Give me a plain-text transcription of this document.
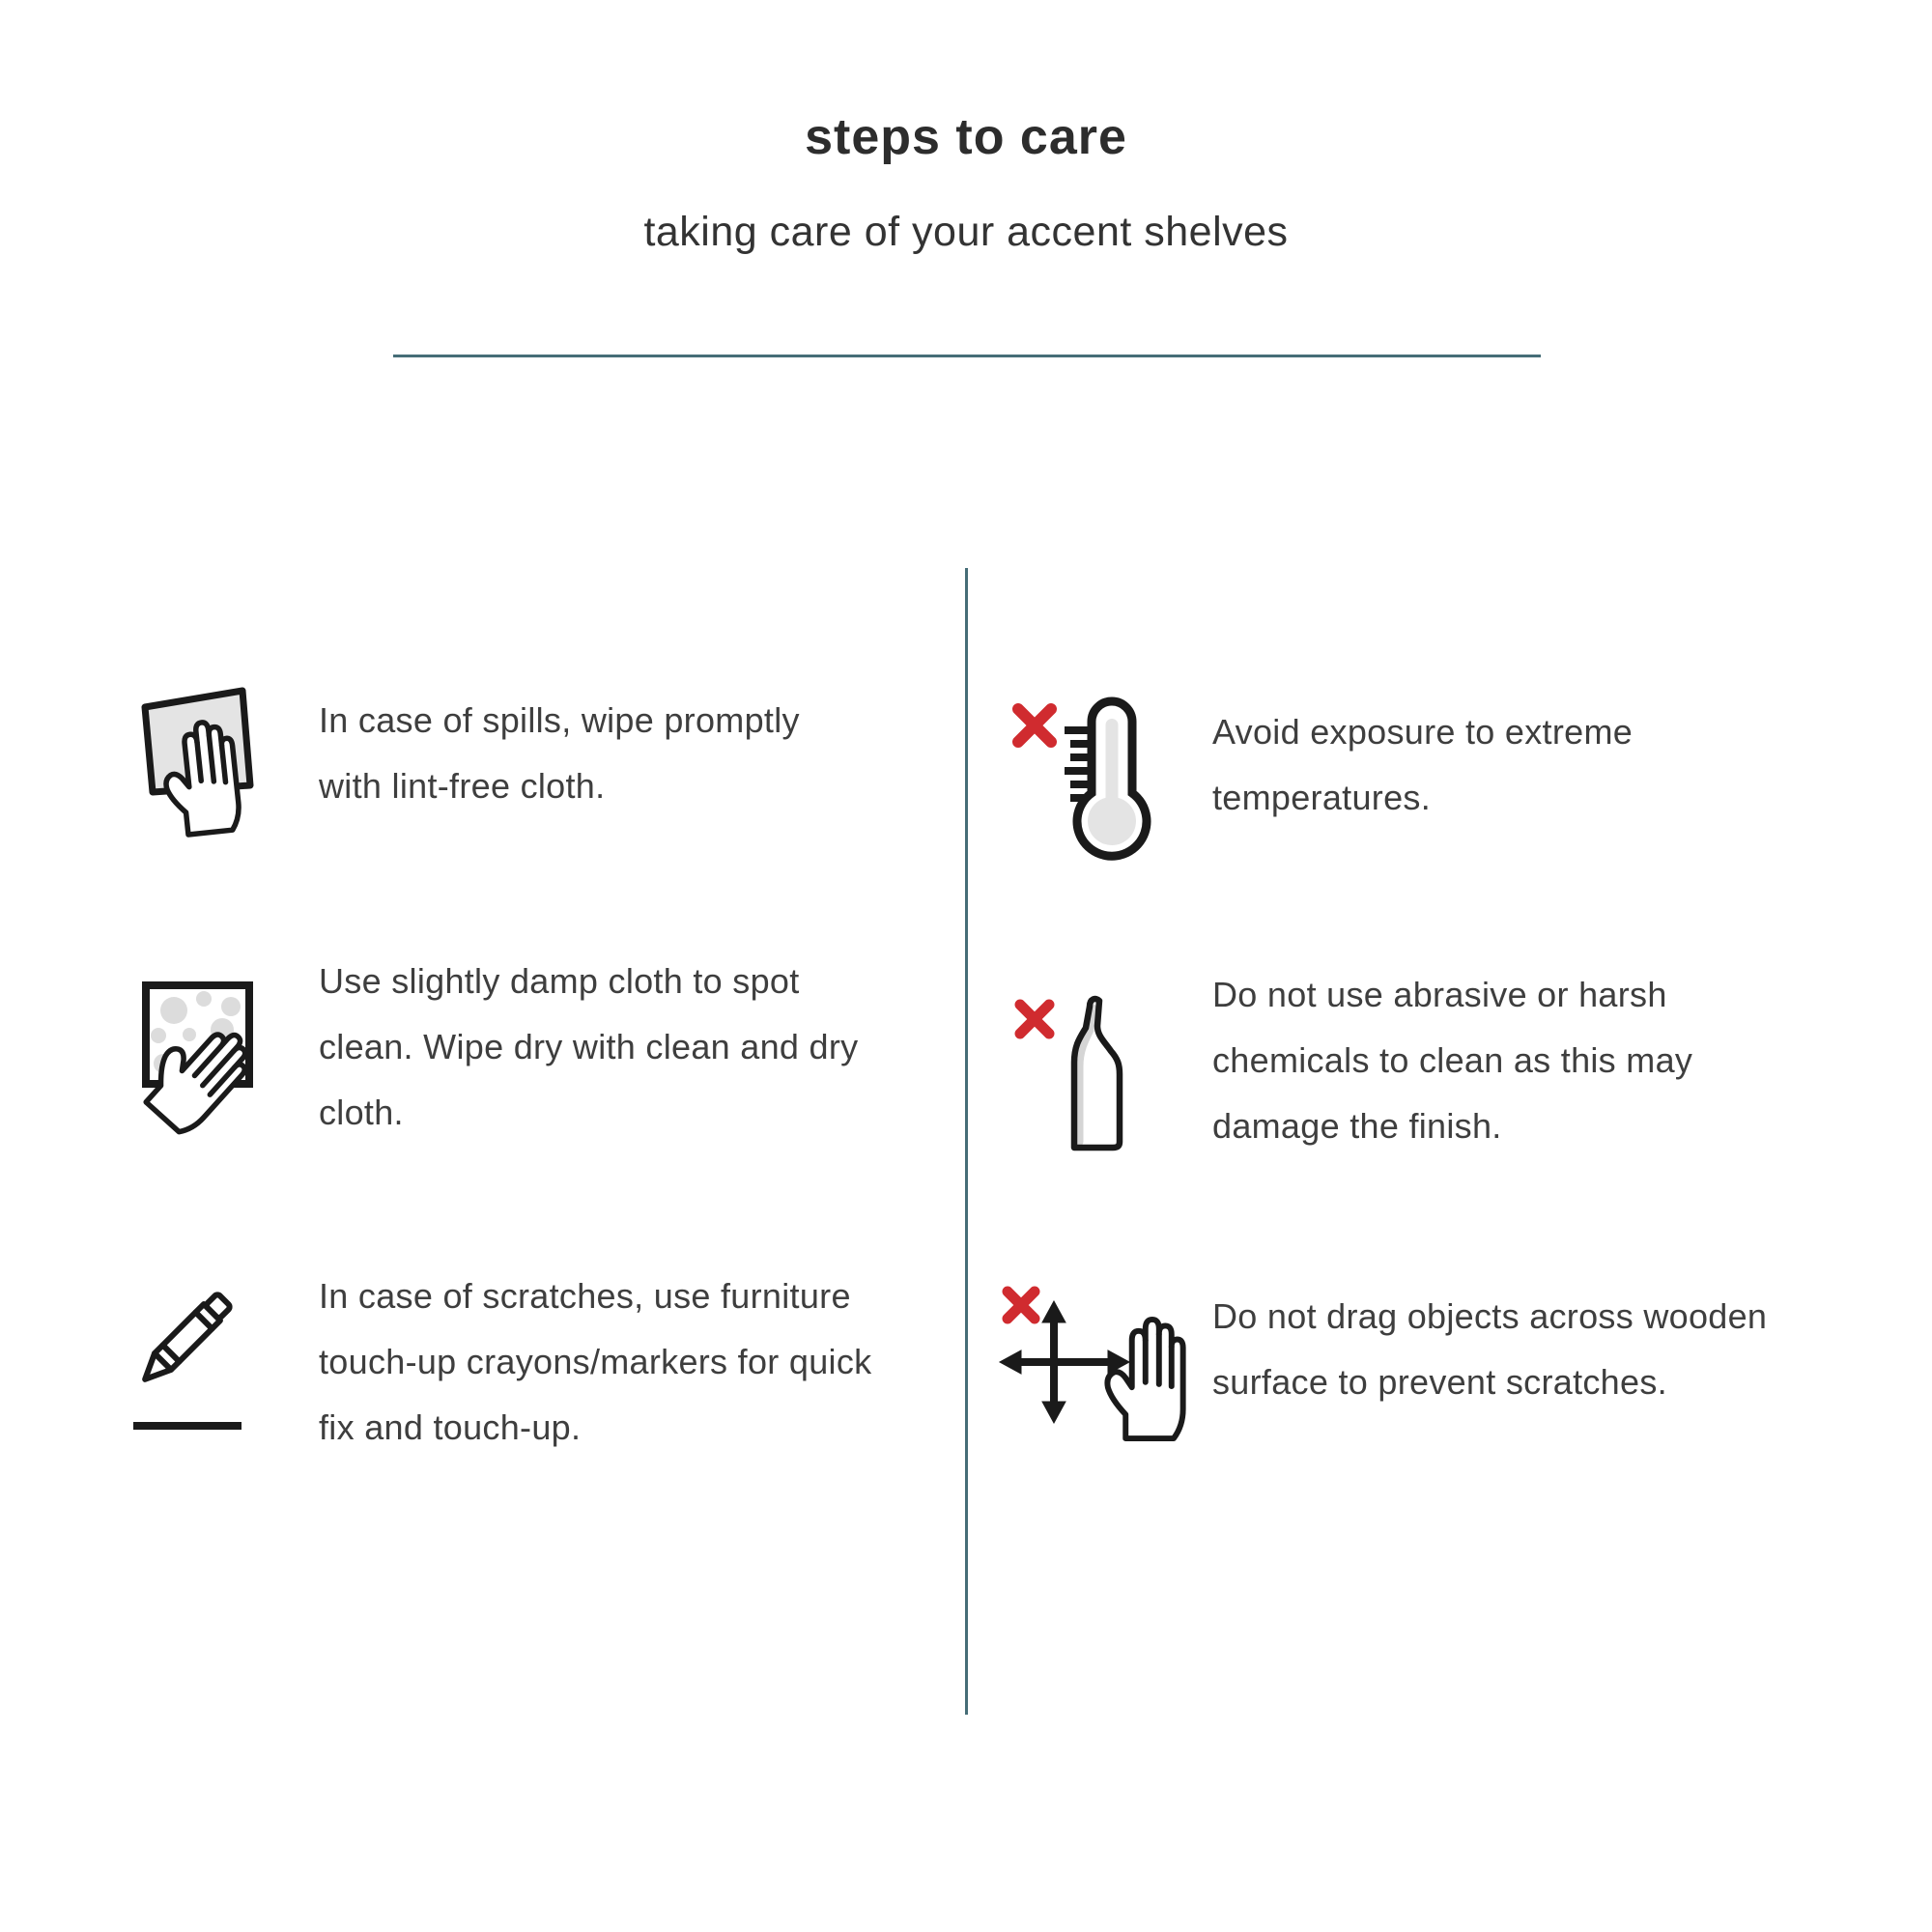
steps to care
taking care of your accent shelves
In case of spills, wipe promptly
with lint-free cloth.
Use slightly damp cloth to spot
clean. Wipe dry with clean and dry
cloth.
In case of scratches, use furniture
touch-up crayons/markers for quick
fix and touch-up.
Avoid exposure to extreme
temperatures.
Do not use abrasive or harsh
chemicals to clean as this may
damage the finish.
Do not drag objects across wooden
surface to prevent scratches.
